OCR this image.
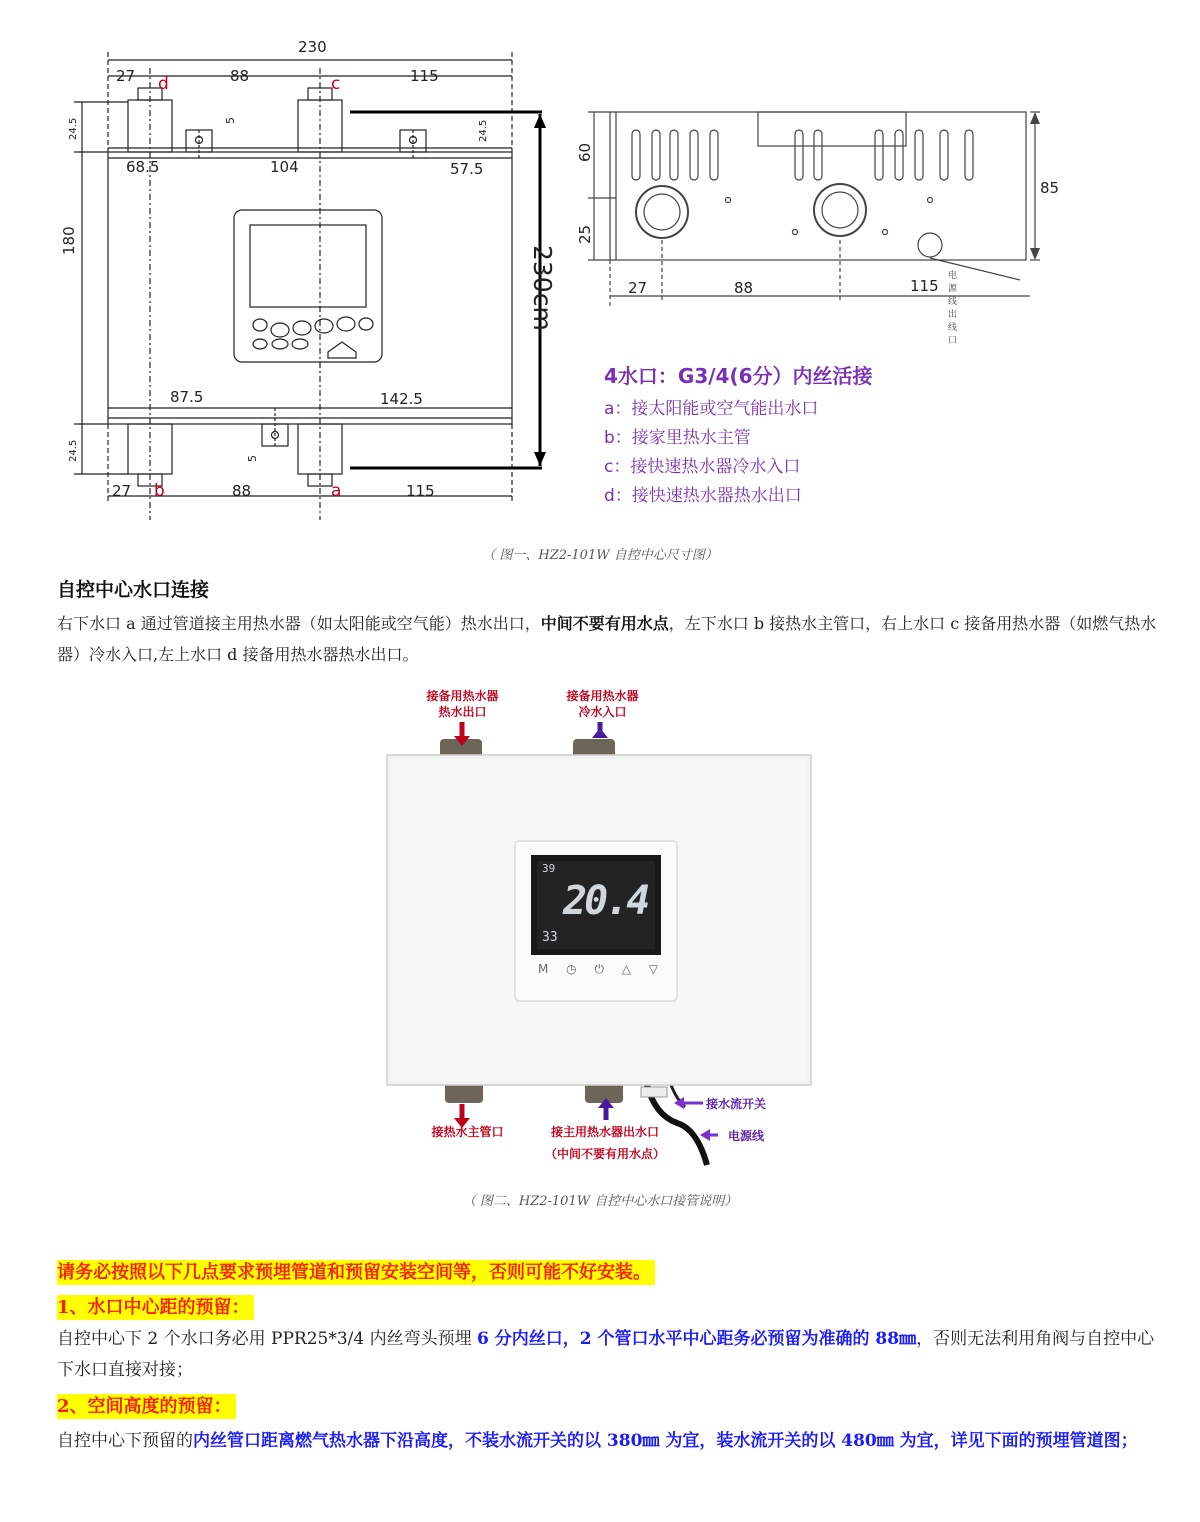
230
27 d	88	c	115
68.5	104	57.5
180
24.5
24.5
5	24.5
5
87.5	142.5
27 b	88	a	115
230cm
60
25
85
27	88	115
电源线出线口
4水口：G3/4(6分）内丝活接
a：接太阳能或空气能出水口
b：接家里热水主管
c：接快速热水器冷水入口
d：接快速热水器热水出口
（ 图一、HZ2-101W 自控中心尺寸图）
自控中心水口连接
右下水口 a 通过管道接主用热水器（如太阳能或空气能）热水出口，中间不要有用水点，左下水口 b 接热水主管口，右上水口 c 接备用热水器（如燃气热水器）冷水入口,左上水口 d 接备用热水器热水出口。
39
20.4
33
M ◷ ⏻ △ ▽
接备用热水器
热水出口
接备用热水器
冷水入口
接热水主管口	接主用热水器出水口
（中间不要有用水点）
接水流开关
电源线
（ 图二、HZ2-101W 自控中心水口接管说明）
请务必按照以下几点要求预埋管道和预留安装空间等，否则可能不好安装。
1、水口中心距的预留：
自控中心下 2 个水口务必用 PPR25*3/4 内丝弯头预埋 6 分内丝口，2 个管口水平中心距务必预留为准确的 88㎜，否则无法利用角阀与自控中心下水口直接对接；
2、空间高度的预留：
自控中心下预留的内丝管口距离燃气热水器下沿高度，不装水流开关的以 380㎜ 为宜，装水流开关的以 480㎜ 为宜，详见下面的预埋管道图；
